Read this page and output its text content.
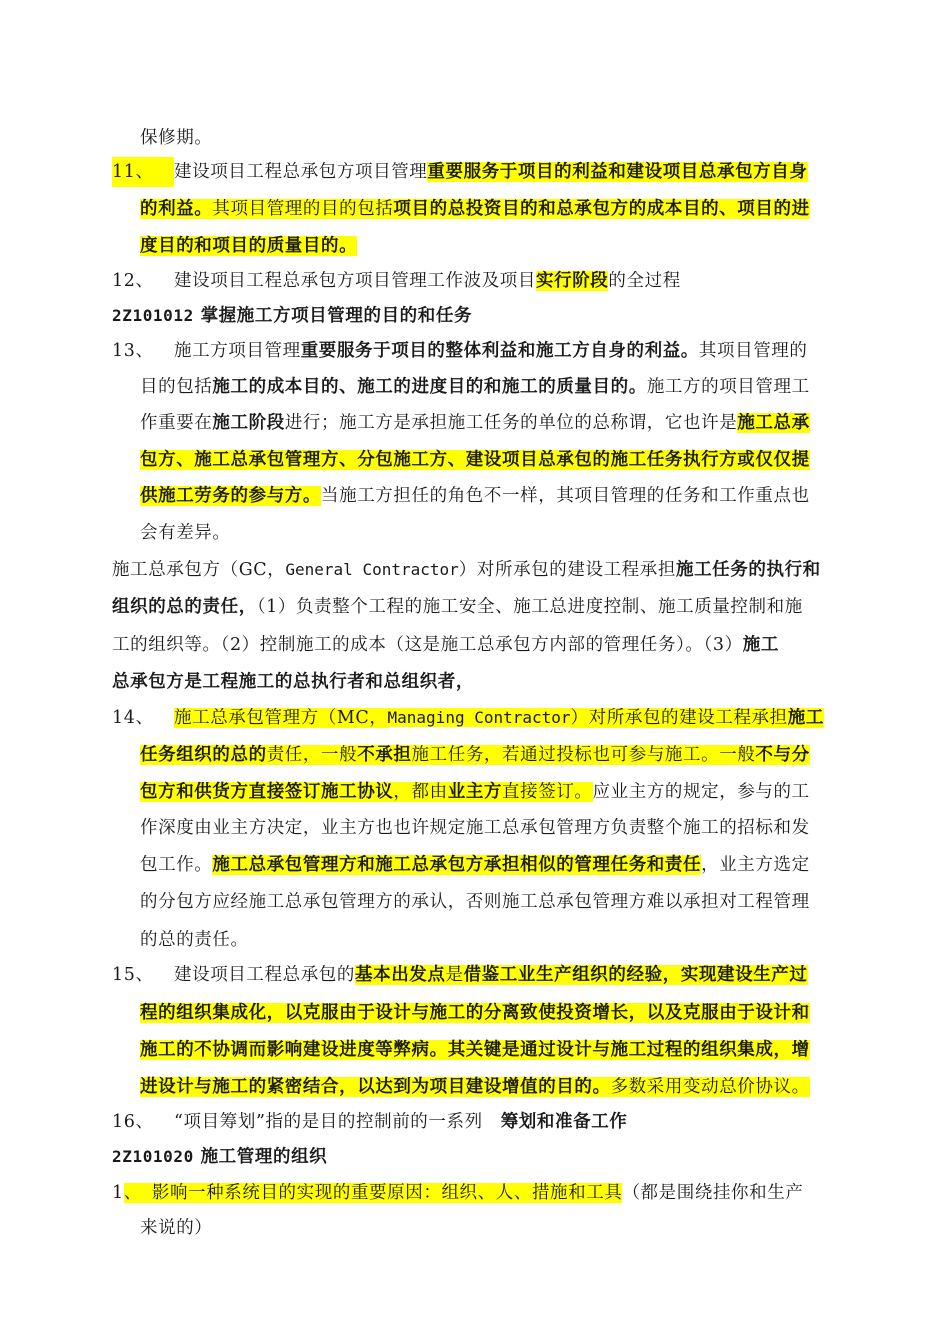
保修期。
11、 建设项目工程总承包方项目管理重要服务于项目的利益和建设项目总承包方自身
的利益。其项目管理的目的包括项目的总投资目的和总承包方的成本目的、项目的进
度目的和项目的质量目的。
12、 建设项目工程总承包方项目管理工作波及项目实行阶段的全过程
2Z101012 掌握施工方项目管理的目的和任务
13、 施工方项目管理重要服务于项目的整体利益和施工方自身的利益。其项目管理的
目的包括施工的成本目的、施工的进度目的和施工的质量目的。施工方的项目管理工
作重要在施工阶段进行；施工方是承担施工任务的单位的总称谓，它也许是施工总承
包方、施工总承包管理方、分包施工方、建设项目总承包的施工任务执行方或仅仅提
供施工劳务的参与方。当施工方担任的角色不一样，其项目管理的任务和工作重点也
会有差异。
施工总承包方（GC，General Contractor）对所承包的建设工程承担施工任务的执行和
组织的总的责任，（1）负责整个工程的施工安全、施工总进度控制、施工质量控制和施
工的组织等。（2）控制施工的成本（这是施工总承包方内部的管理任务）。（3）施工
总承包方是工程施工的总执行者和总组织者，
14、 施工总承包管理方（MC，Managing Contractor）对所承包的建设工程承担施工
任务组织的总的责任，一般不承担施工任务，若通过投标也可参与施工。一般不与分
包方和供货方直接签订施工协议，都由业主方直接签订。应业主方的规定，参与的工
作深度由业主方决定，业主方也也许规定施工总承包管理方负责整个施工的招标和发
包工作。施工总承包管理方和施工总承包方承担相似的管理任务和责任，业主方选定
的分包方应经施工总承包管理方的承认，否则施工总承包管理方难以承担对工程管理
的总的责任。
15、 建设项目工程总承包的基本出发点是借鉴工业生产组织的经验，实现建设生产过
程的组织集成化，以克服由于设计与施工的分离致使投资增长，以及克服由于设计和
施工的不协调而影响建设进度等弊病。其关键是通过设计与施工过程的组织集成，增
进设计与施工的紧密结合，以达到为项目建设增值的目的。多数采用变动总价协议。
16、 “项目筹划”指的是目的控制前的一系列 筹划和准备工作
2Z101020 施工管理的组织
1、 影响一种系统目的实现的重要原因：组织、人、措施和工具（都是围绕挂你和生产
来说的）
